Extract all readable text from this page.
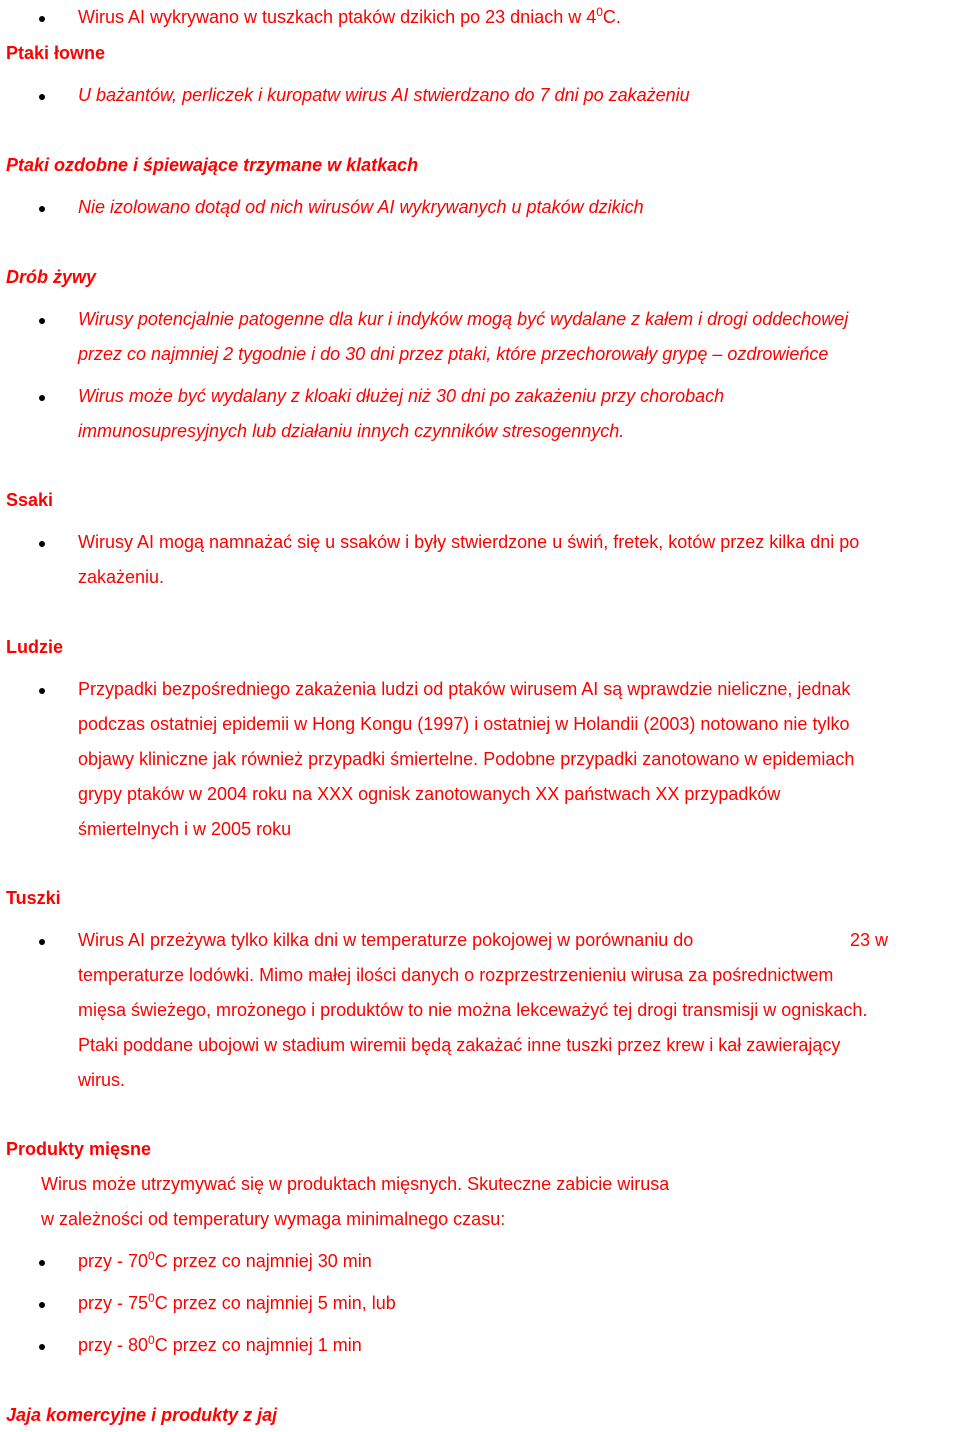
Wirus AI wykrywano w tuszkach ptaków dzikich po 23 dniach w $4^0C$.
Ptaki łowne
U bażantów, perliczek i kuropatw wirus AI stwierdzano do 7 dni po zakażeniu
Ptaki ozdobne i śpiewające trzymane w klatkach
Nie izolowano dotąd od nich wirusów AI wykrywanych u ptaków dzikich
Drób żywy
Wirusy potencjalnie patogenne dla kur i indyków mogą być wydalane z kałem i drogi oddechowej
przez co najmniej 2 tygodnie i do 30 dni przez ptaki, które przechorowały grypę – ozdrowieńce
Wirus może być wydalany z kloaki dłużej niż 30 dni po zakażeniu przy chorobach
immunosupresyjnych lub działaniu innych czynników stresogennych.
Ssaki
Wirusy AI mogą namnażać się u ssaków i były stwierdzone u świń, fretek, kotów przez kilka dni po
zakażeniu.
Ludzie
Przypadki bezpośredniego zakażenia ludzi od ptaków wirusem AI są wprawdzie nieliczne, jednak
podczas ostatniej epidemii w Hong Kongu (1997) i ostatniej w Holandii (2003) notowano nie tylko
objawy kliniczne jak również przypadki śmiertelne. Podobne przypadki zanotowano w epidemiach
grypy ptaków w 2004 roku na XXX ognisk zanotowanych XX państwach XX przypadków
śmiertelnych i w 2005 roku
Tuszki
Wirus AI przeżywa tylko kilka dni w temperaturze pokojowej w porównaniu do	23 w
temperaturze lodówki. Mimo małej ilości danych o rozprzestrzenieniu wirusa za pośrednictwem
mięsa świeżego, mrożonego i produktów to nie można lekceważyć tej drogi transmisji w ogniskach.
Ptaki poddane ubojowi w stadium wiremii będą zakażać inne tuszki przez krew i kał zawierający
wirus.
Produkty mięsne
Wirus może utrzymywać się w produktach mięsnych. Skuteczne zabicie wirusa
w zależności od temperatury wymaga minimalnego czasu:
przy - $70^0C$ przez co najmniej 30 min
przy - $75^0C$ przez co najmniej 5 min, lub
przy - $80^0C$ przez co najmniej 1 min
Jaja komercyjne i produkty z jaj
